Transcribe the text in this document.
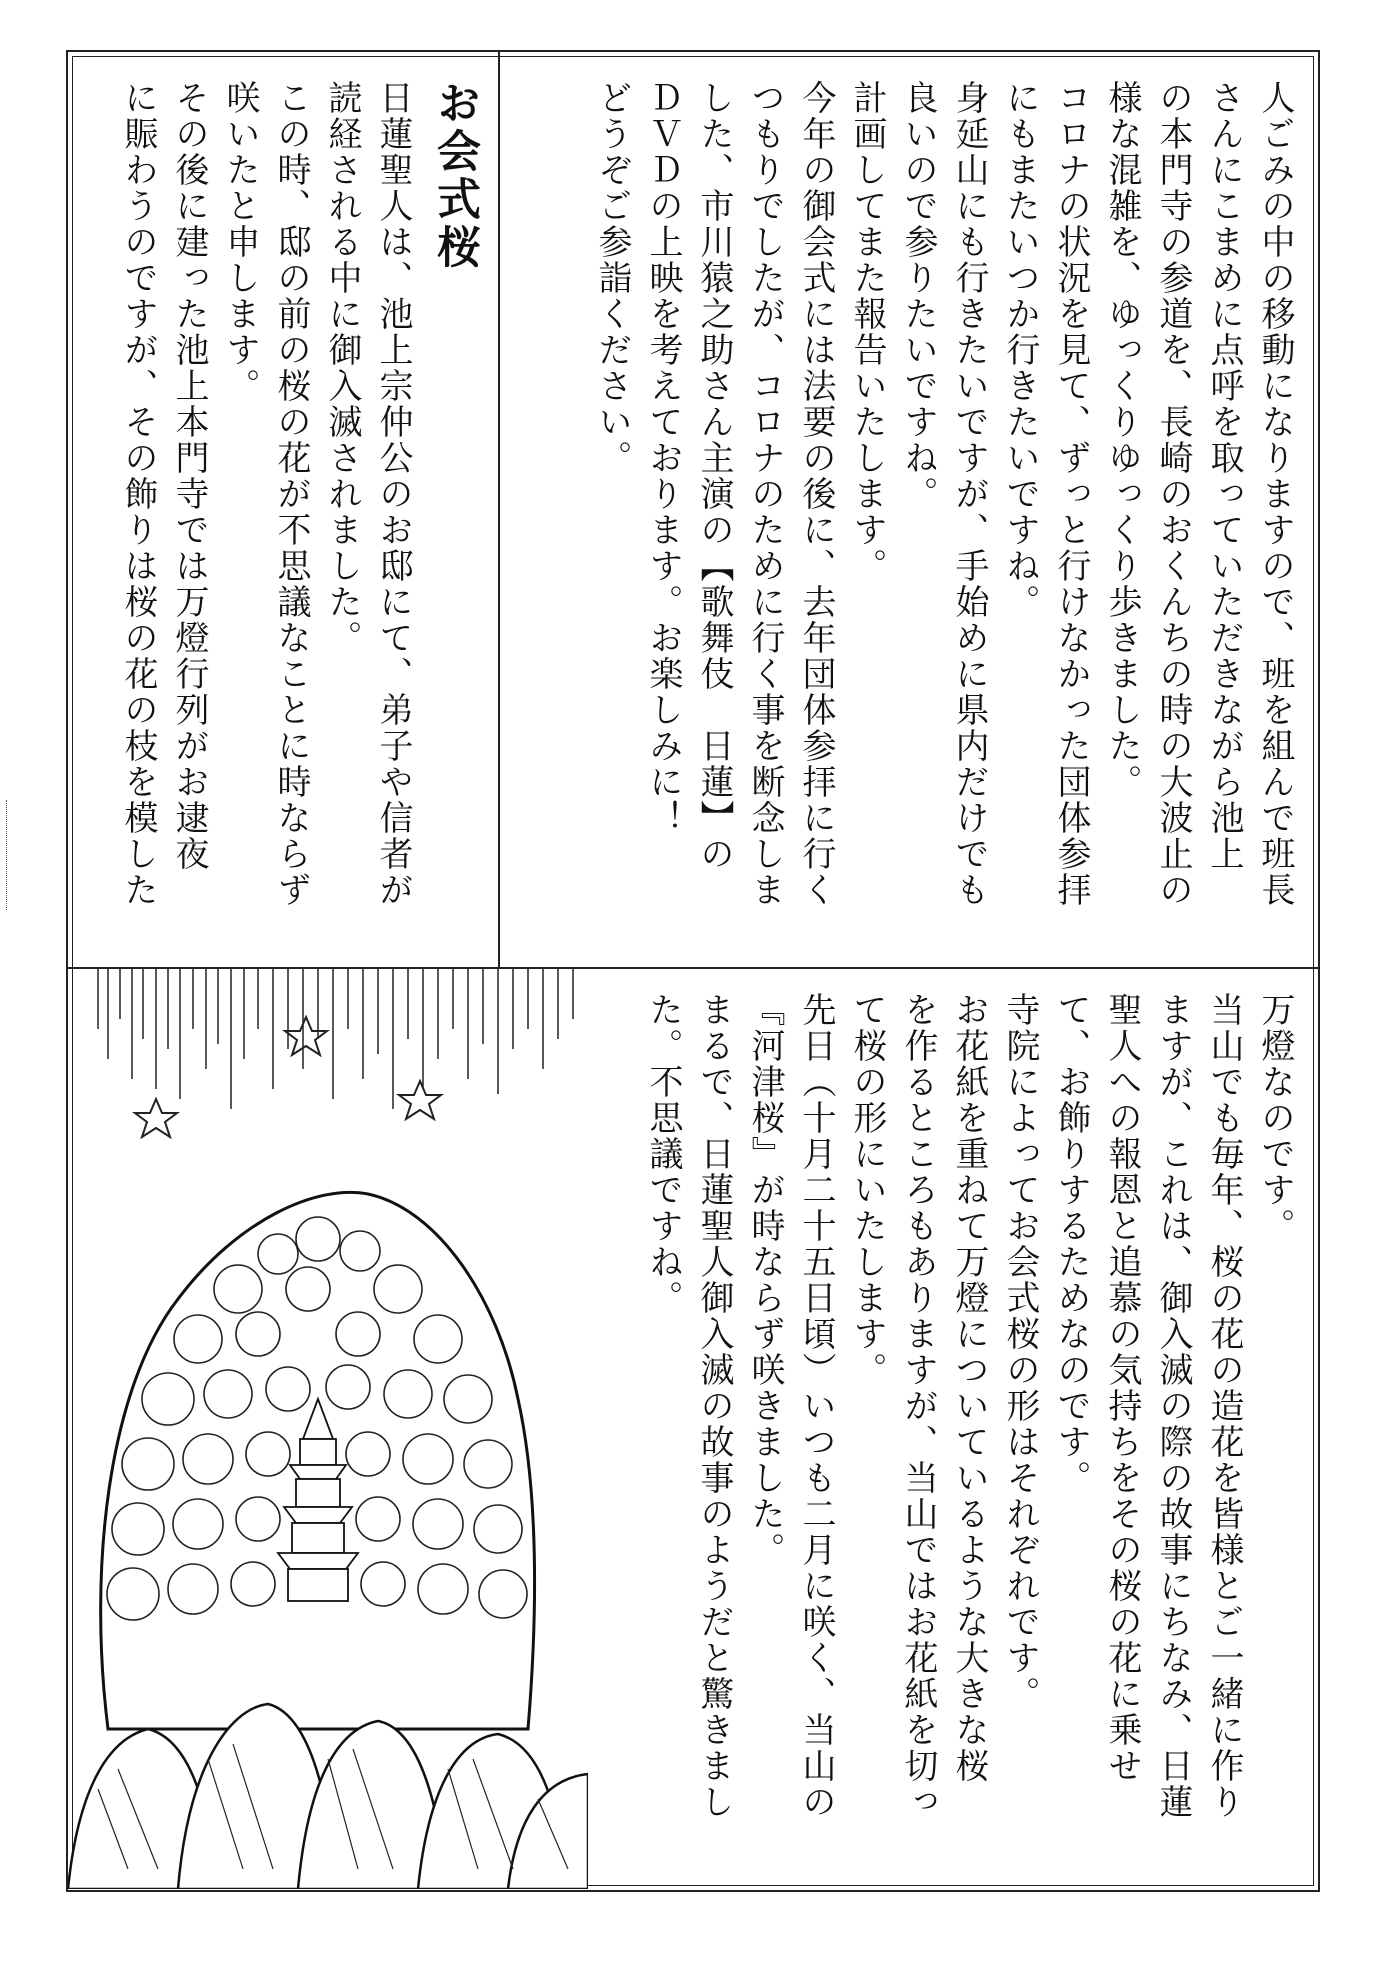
人ごみの中の移動になりますので、班を組んで班長

さんにこまめに点呼を取っていただきながら池上

の本門寺の参道を、長崎のおくんちの時の大波止の

様な混雑を、ゆっくりゆっくり歩きました。

コロナの状況を見て、ずっと行けなかった団体参拝

にもまたいつか行きたいですね。

身延山にも行きたいですが、手始めに県内だけでも

良いので参りたいですね。

計画してまた報告いたします。

今年の御会式には法要の後に、去年団体参拝に行く

つもりでしたが、コロナのために行く事を断念しま

した、市川猿之助さん主演の【歌舞伎　日蓮】の

ＤＶＤの上映を考えております。お楽しみに！

どうぞご参詣ください。

お会式桜

日蓮聖人は、池上宗仲公のお邸にて、弟子や信者が

読経される中に御入滅されました。

この時、邸の前の桜の花が不思議なことに時ならず

咲いたと申します。

その後に建った池上本門寺では万燈行列がお逮夜

に賑わうのですが、その飾りは桜の花の枝を模した

万燈なのです。

当山でも毎年、桜の花の造花を皆様とご一緒に作り

ますが、これは、御入滅の際の故事にちなみ、日蓮

聖人への報恩と追慕の気持ちをその桜の花に乗せ

て、お飾りするためなのです。

寺院によってお会式桜の形はそれぞれです。

お花紙を重ねて万燈についているような大きな桜

を作るところもありますが、当山ではお花紙を切っ

て桜の形にいたします。

先日（十月二十五日頃）いつも二月に咲く、当山の

『河津桜』が時ならず咲きました。

まるで、日蓮聖人御入滅の故事のようだと驚きまし

た。不思議ですね。
